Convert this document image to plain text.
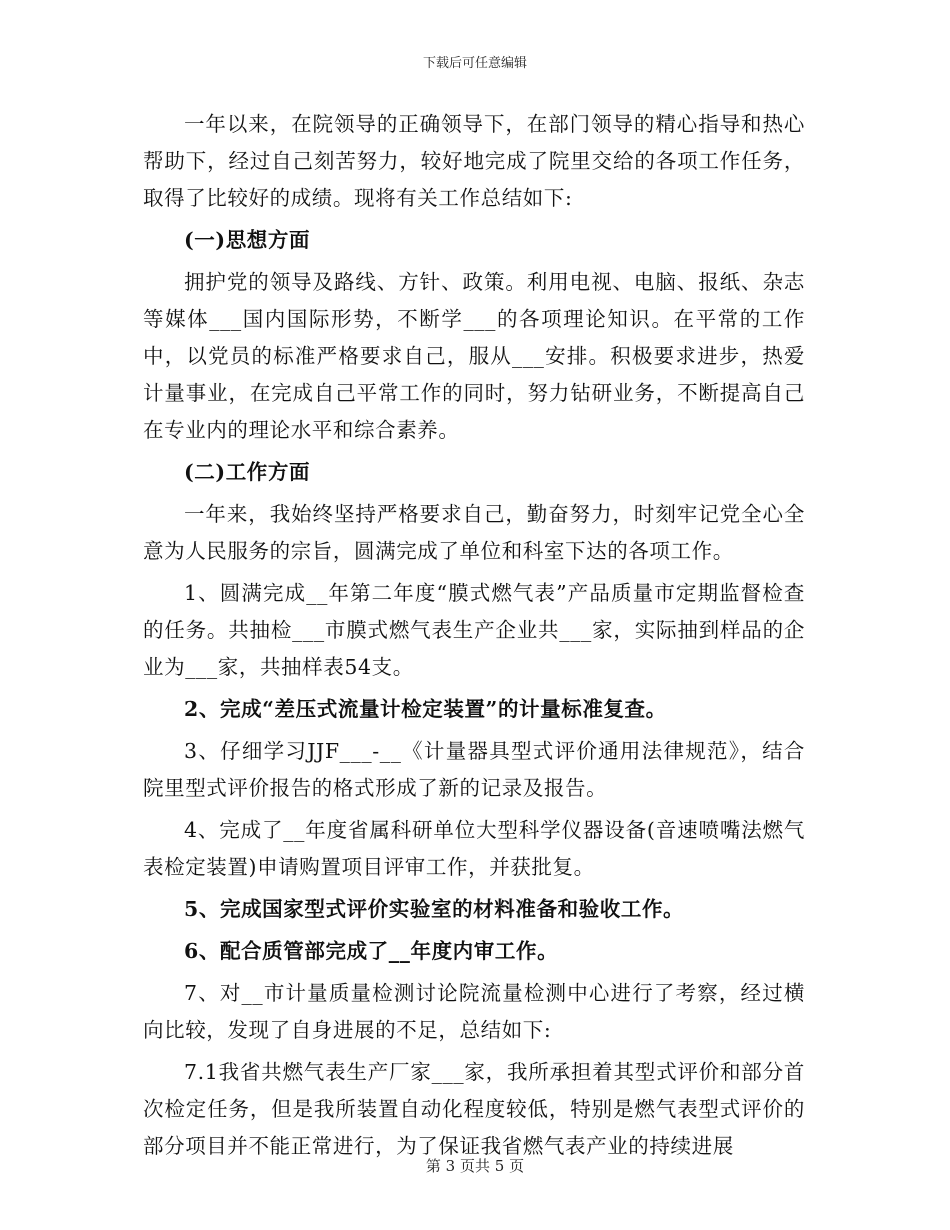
下载后可任意编辑

一年以来，在院领导的正确领导下，在部门领导的精心指导和热心帮助下，经过自己刻苦努力，较好地完成了院里交给的各项工作任务，取得了比较好的成绩。现将有关工作总结如下:

(一)思想方面

拥护党的领导及路线、方针、政策。利用电视、电脑、报纸、杂志等媒体___国内国际形势，不断学___的各项理论知识。在平常的工作中，以党员的标准严格要求自己，服从___安排。积极要求进步，热爱计量事业，在完成自己平常工作的同时，努力钻研业务，不断提高自己在专业内的理论水平和综合素养。

(二)工作方面

一年来，我始终坚持严格要求自己，勤奋努力，时刻牢记党全心全意为人民服务的宗旨，圆满完成了单位和科室下达的各项工作。

1、圆满完成__年第二年度“膜式燃气表”产品质量市定期监督检查的任务。共抽检___市膜式燃气表生产企业共___家，实际抽到样品的企业为___家，共抽样表54支。

2、完成“差压式流量计检定装置”的计量标准复查。

3、仔细学习JJF___-__《计量器具型式评价通用法律规范》，结合院里型式评价报告的格式形成了新的记录及报告。

4、完成了__年度省属科研单位大型科学仪器设备(音速喷嘴法燃气表检定装置)申请购置项目评审工作，并获批复。

5、完成国家型式评价实验室的材料准备和验收工作。

6、配合质管部完成了__年度内审工作。

7、对__市计量质量检测讨论院流量检测中心进行了考察，经过横向比较，发现了自身进展的不足，总结如下:

7.1我省共燃气表生产厂家___家，我所承担着其型式评价和部分首次检定任务，但是我所装置自动化程度较低，特别是燃气表型式评价的部分项目并不能正常进行，为了保证我省燃气表产业的持续进展

第 3 页共 5 页
